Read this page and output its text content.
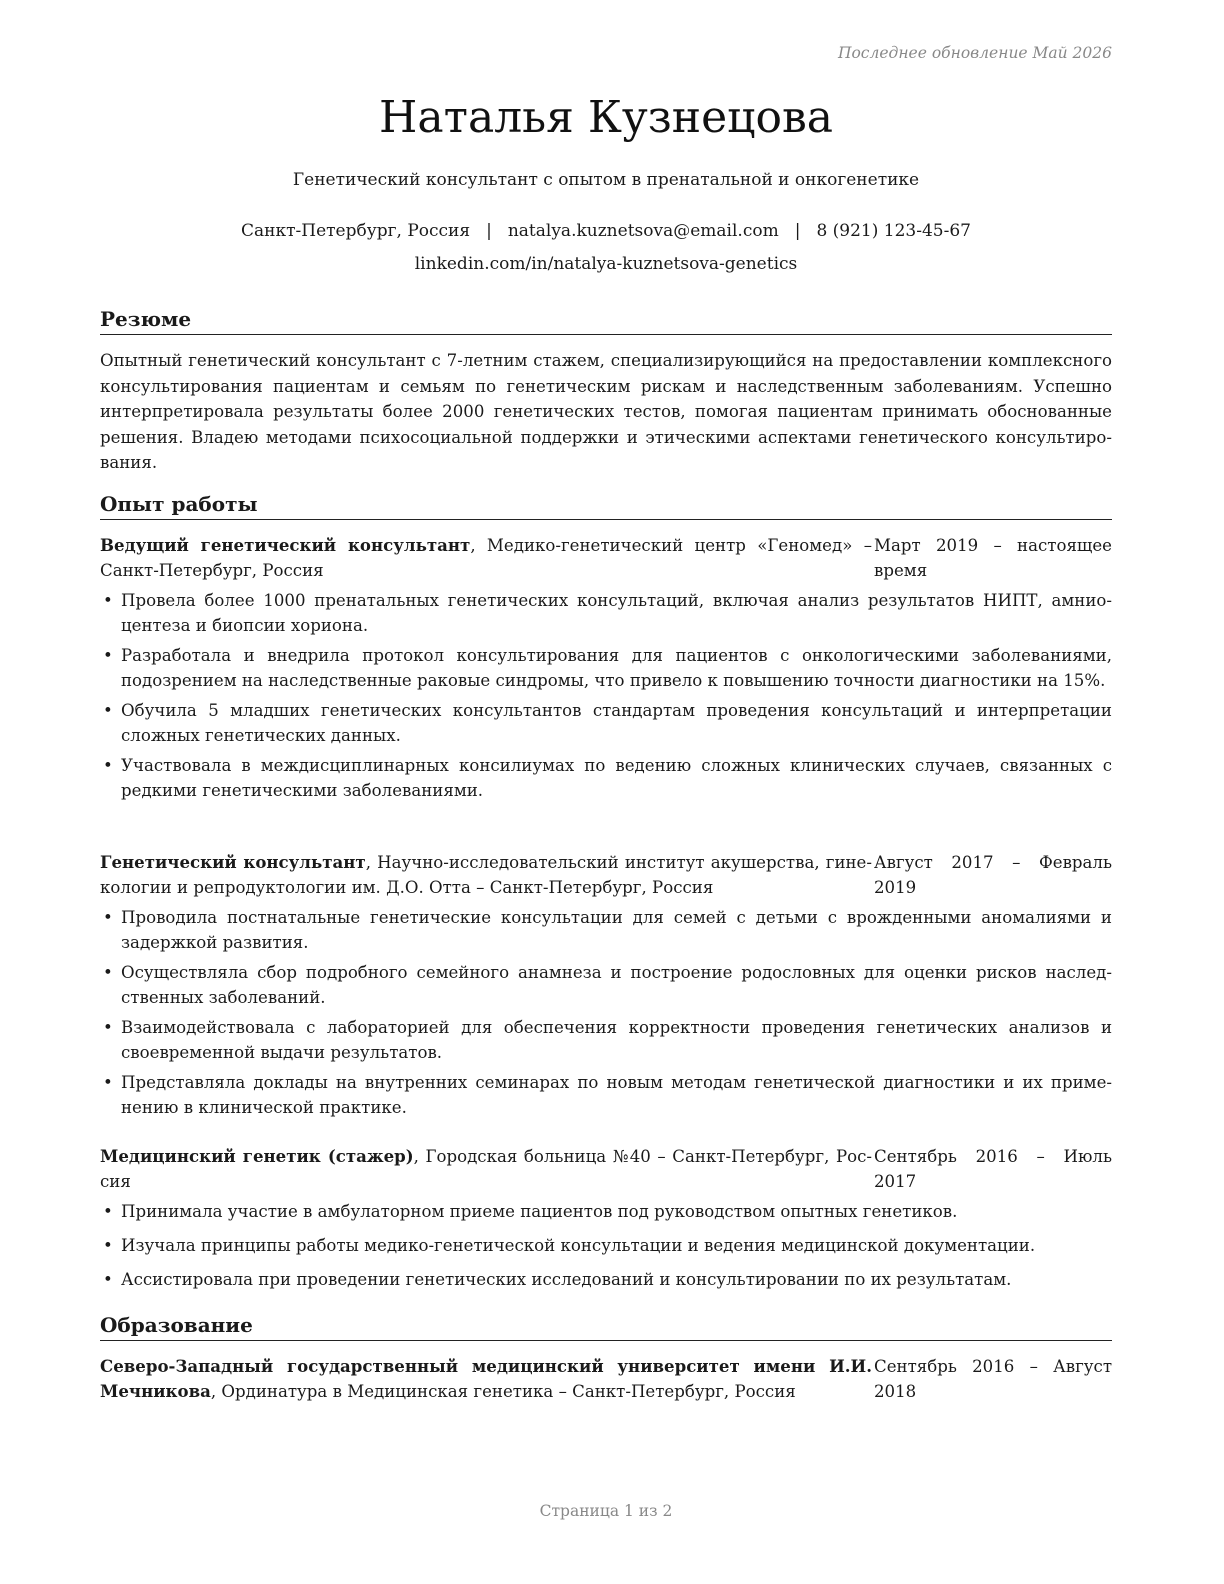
Последнее обновление Май 2026
Наталья Кузнецова
Генетический консультант с опытом в пренатальной и онкогенетике
Санкт-Петербург, Россия | natalya.kuznetsova@email.com | 8 (921) 123-45-67
linkedin.com/in/natalya-kuznetsova-genetics
Резюме
Опытный генетический консультант с 7-летним стажем, специализирующийся на предоставлении комплексного консультирования пациентам и семьям по генетическим рискам и наследственным заболеваниям. Успешно интерпретировала результаты более 2000 генетических тестов, помогая пациентам принимать обоснованные решения. Владею методами психосоциальной поддержки и этическими аспектами генетического консультирования.
Опыт работы
Ведущий генетический консультант, Медико-генетический центр «Геномед» – Санкт-Петербург, Россия
Март 2019 – настоящее время
• Провела более 1000 пренатальных генетических консультаций, включая анализ результатов НИПТ, амниоцентеза и биопсии хориона.
• Разработала и внедрила протокол консультирования для пациентов с онкологическими заболеваниями, подозрением на наследственные раковые синдромы, что привело к повышению точности диагностики на 15%.
• Обучила 5 младших генетических консультантов стандартам проведения консультаций и интерпретации сложных генетических данных.
• Участвовала в междисциплинарных консилиумах по ведению сложных клинических случаев, связанных с редкими генетическими заболеваниями.
Генетический консультант, Научно-исследовательский институт акушерства, гинекологии и репродуктологии им. Д.О. Отта – Санкт-Петербург, Россия
Август 2017 – Февраль 2019
• Проводила постнатальные генетические консультации для семей с детьми с врожденными аномалиями и задержкой развития.
• Осуществляла сбор подробного семейного анамнеза и построение родословных для оценки рисков наследственных заболеваний.
• Взаимодействовала с лабораторией для обеспечения корректности проведения генетических анализов и своевременной выдачи результатов.
• Представляла доклады на внутренних семинарах по новым методам генетической диагностики и их применению в клинической практике.
Медицинский генетик (стажер), Городская больница №40 – Санкт-Петербург, Россия
Сентябрь 2016 – Июль 2017
• Принимала участие в амбулаторном приеме пациентов под руководством опытных генетиков.
• Изучала принципы работы медико-генетической консультации и ведения медицинской документации.
• Ассистировала при проведении генетических исследований и консультировании по их результатам.
Образование
Северо-Западный государственный медицинский университет имени И.И. Мечникова, Ординатура в Медицинская генетика – Санкт-Петербург, Россия
Сентябрь 2016 – Август 2018
Страница 1 из 2
